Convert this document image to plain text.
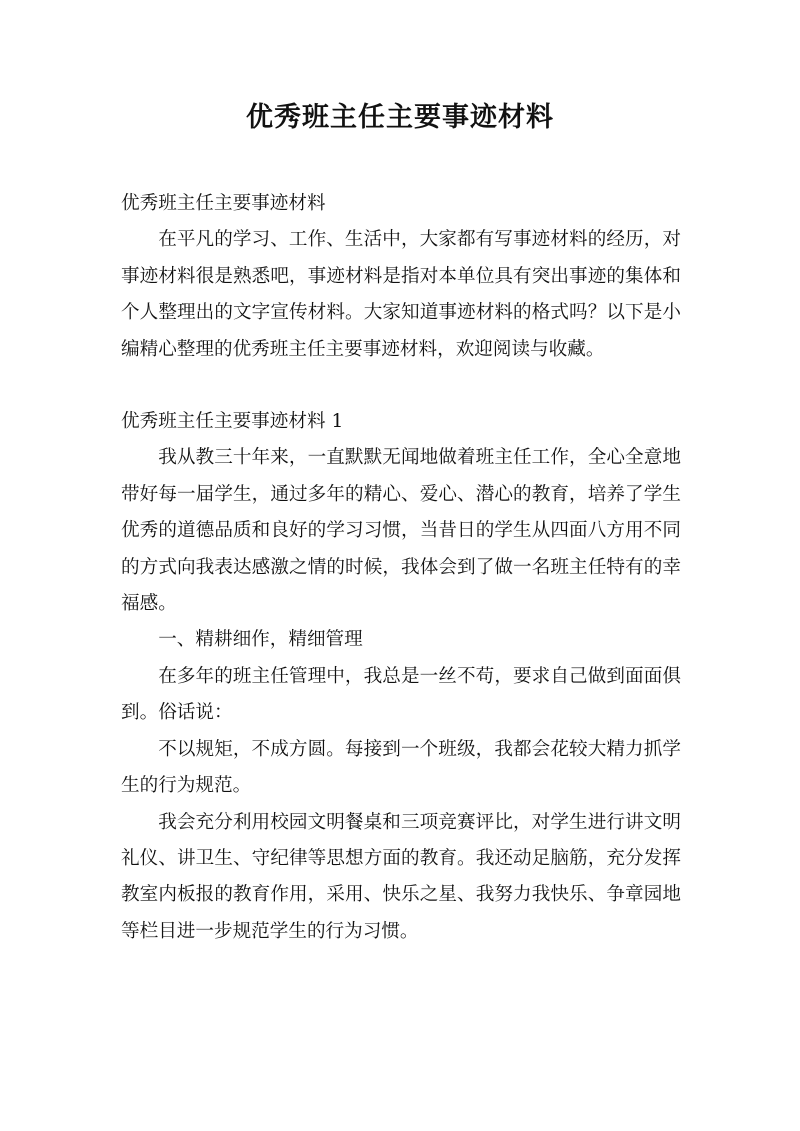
优秀班主任主要事迹材料

优秀班主任主要事迹材料

在平凡的学习、工作、生活中，大家都有写事迹材料的经历，对事迹材料很是熟悉吧，事迹材料是指对本单位具有突出事迹的集体和个人整理出的文字宣传材料。大家知道事迹材料的格式吗？以下是小编精心整理的优秀班主任主要事迹材料，欢迎阅读与收藏。

优秀班主任主要事迹材料 1

我从教三十年来，一直默默无闻地做着班主任工作，全心全意地带好每一届学生，通过多年的精心、爱心、潜心的教育，培养了学生优秀的道德品质和良好的学习习惯，当昔日的学生从四面八方用不同的方式向我表达感激之情的时候，我体会到了做一名班主任特有的幸福感。

一、精耕细作，精细管理

在多年的班主任管理中，我总是一丝不苟，要求自己做到面面俱到。俗话说：

不以规矩，不成方圆。每接到一个班级，我都会花较大精力抓学生的行为规范。

我会充分利用校园文明餐桌和三项竞赛评比，对学生进行讲文明礼仪、讲卫生、守纪律等思想方面的教育。我还动足脑筋，充分发挥教室内板报的教育作用，采用、快乐之星、我努力我快乐、争章园地等栏目进一步规范学生的行为习惯。
